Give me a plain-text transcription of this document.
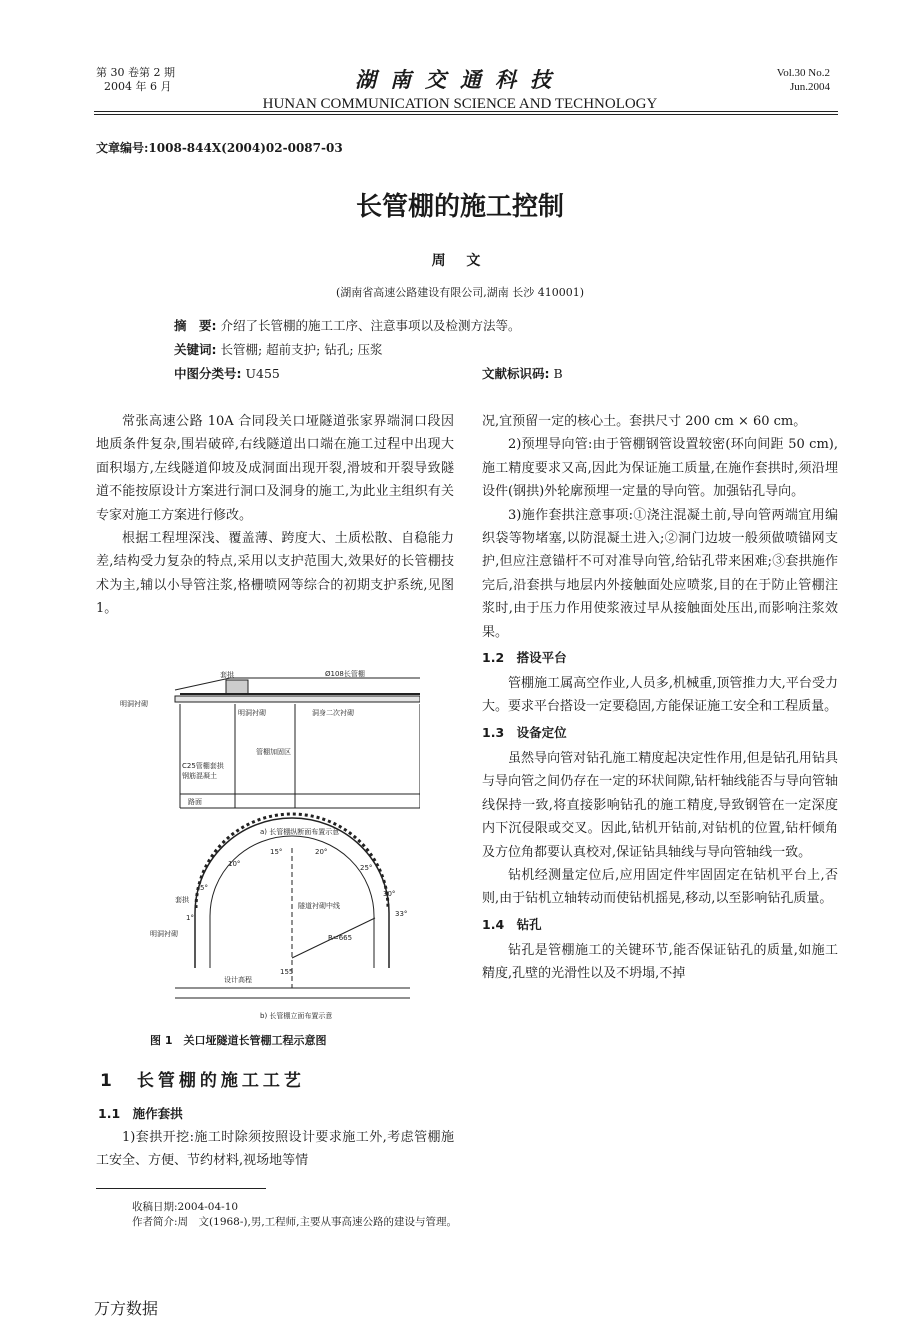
第 30 卷第 2 期
2004 年 6 月	湖南交通科技
HUNAN COMMUNICATION SCIENCE AND TECHNOLOGY
Vol.30 No.2
Jun.2004
文章编号:1008-844X(2004)02-0087-03
长管棚的施工控制
周 文
(湖南省高速公路建设有限公司,湖南 长沙 410001)
摘　要: 介绍了长管棚的施工工序、注意事项以及检测方法等。
关键词: 长管棚; 超前支护; 钻孔; 压浆
中图分类号: U455	文献标识码: B

常张高速公路 10A 合同段关口垭隧道张家界端洞口段因地质条件复杂,围岩破碎,右线隧道出口端在施工过程中出现大面积塌方,左线隧道仰坡及成洞面出现开裂,滑坡和开裂导致隧道不能按原设计方案进行洞口及洞身的施工,为此业主组织有关专家对施工方案进行修改。

根据工程埋深浅、覆盖薄、跨度大、土质松散、自稳能力差,结构受力复杂的特点,采用以支护范围大,效果好的长管棚技术为主,辅以小导管注浆,格栅喷网等综合的初期支护系统,见图 1。

套拱	Ø108长管棚
明洞衬砌
明洞衬砌	洞身二次衬砌
管棚加固区
C25管棚套拱
钢筋混凝土
路面
a) 长管棚纵断面布置示意
1°
5°
10°
15°	20°
25°
30°
33°
套拱
明洞衬砌
隧道衬砌中线
R=665
155
设计高程
b) 长管棚立面布置示意
图 1　关口垭隧道长管棚工程示意图
1　长管棚的施工工艺
1.1　施作套拱

1)套拱开挖:施工时除须按照设计要求施工外,考虑管棚施工安全、方便、节约材料,视场地等情

况,宜预留一定的核心土。套拱尺寸 200 cm × 60 cm。

2)预埋导向管:由于管棚钢管设置较密(环向间距 50 cm),施工精度要求又高,因此为保证施工质量,在施作套拱时,须沿埋设件(钢拱)外轮廓预埋一定量的导向管。加强钻孔导向。

3)施作套拱注意事项:①浇注混凝土前,导向管两端宜用编织袋等物堵塞,以防混凝土进入;②洞门边坡一般须做喷锚网支护,但应注意锚杆不可对准导向管,给钻孔带来困难;③套拱施作完后,沿套拱与地层内外接触面处应喷浆,目的在于防止管棚注浆时,由于压力作用使浆液过早从接触面处压出,而影响注浆效果。

1.2　搭设平台

管棚施工属高空作业,人员多,机械重,顶管推力大,平台受力大。要求平台搭设一定要稳固,方能保证施工安全和工程质量。

1.3　设备定位

虽然导向管对钻孔施工精度起决定性作用,但是钻孔用钻具与导向管之间仍存在一定的环状间隙,钻杆轴线能否与导向管轴线保持一致,将直接影响钻孔的施工精度,导致钢管在一定深度内下沉侵限或交叉。因此,钻机开钻前,对钻机的位置,钻杆倾角及方位角都要认真校对,保证钻具轴线与导向管轴线一致。

钻机经测量定位后,应用固定件牢固固定在钻机平台上,否则,由于钻机立轴转动而使钻机摇晃,移动,以至影响钻孔质量。

1.4　钻孔

钻孔是管棚施工的关键环节,能否保证钻孔的质量,如施工精度,孔壁的光滑性以及不坍塌,不掉

收稿日期:2004-04-10
作者简介:周　文(1968-),男,工程师,主要从事高速公路的建设与管理。
万方数据
